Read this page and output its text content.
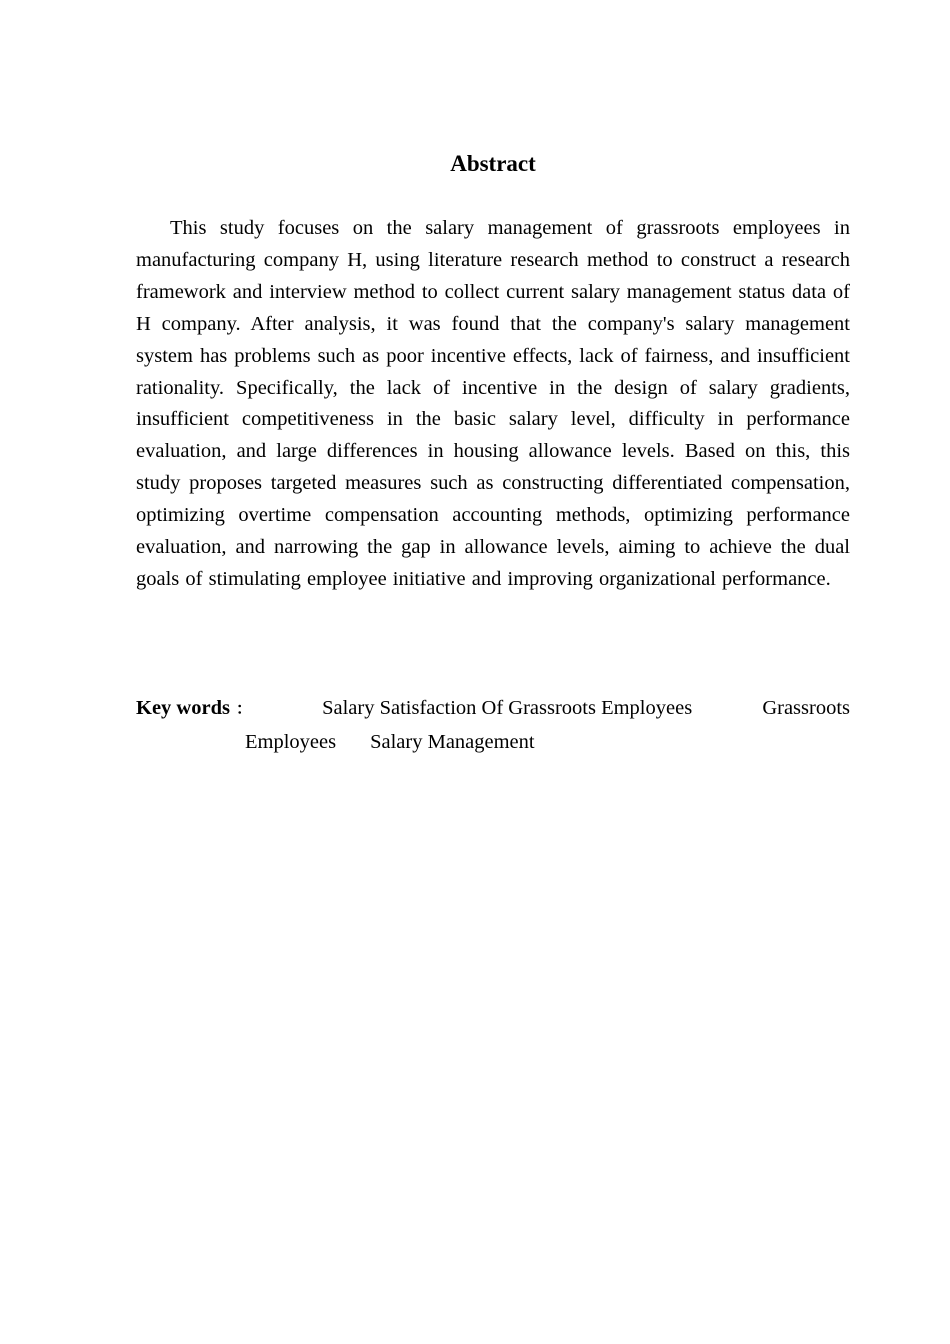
Abstract

This study focuses on the salary management of grassroots employees in manufacturing company H, using literature research method to construct a research framework and interview method to collect current salary management status data of H company. After analysis, it was found that the company's salary management system has problems such as poor incentive effects, lack of fairness, and insufficient rationality. Specifically, the lack of incentive in the design of salary gradients, insufficient competitiveness in the basic salary level, difficulty in performance evaluation, and large differences in housing allowance levels. Based on this, this study proposes targeted measures such as constructing differentiated compensation, optimizing overtime compensation accounting methods, optimizing performance evaluation, and narrowing the gap in allowance levels, aiming to achieve the dual goals of stimulating employee initiative and improving organizational performance.

Key words ：	Salary Satisfaction Of Grassroots Employees	Grassroots
Employees Salary Management
